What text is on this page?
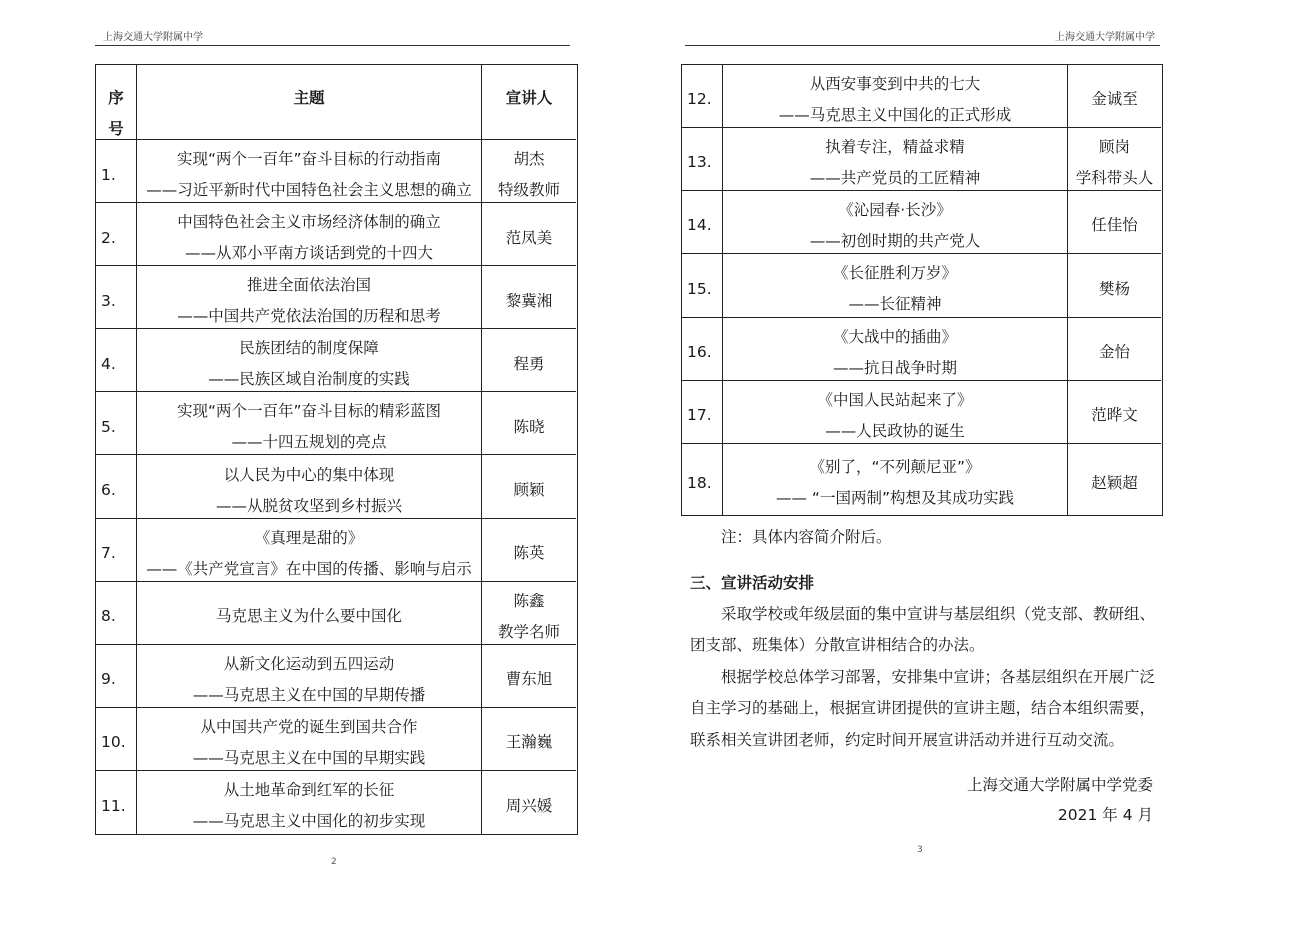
上海交通大学附属中学
序号
主题	宣讲人
1.
实现“两个一百年”奋斗目标的行动指南
——习近平新时代中国特色社会主义思想的确立
胡杰
特级教师
2.
中国特色社会主义市场经济体制的确立
——从邓小平南方谈话到党的十四大
范凤美
3.
推进全面依法治国
——中国共产党依法治国的历程和思考
黎冀湘
4.
民族团结的制度保障
——民族区域自治制度的实践
程勇
5.
实现“两个一百年”奋斗目标的精彩蓝图
——十四五规划的亮点
陈晓
6.
以人民为中心的集中体现
——从脱贫攻坚到乡村振兴
顾颖
7.
《真理是甜的》
——《共产党宣言》在中国的传播、影响与启示
陈英
8.	马克思主义为什么要中国化
陈鑫
教学名师
9.
从新文化运动到五四运动
——马克思主义在中国的早期传播
曹东旭
10.
从中国共产党的诞生到国共合作
——马克思主义在中国的早期实践
王瀚巍
11.
从土地革命到红军的长征
——马克思主义中国化的初步实现
周兴媛
2
上海交通大学附属中学
12.
从西安事变到中共的七大
——马克思主义中国化的正式形成
金诚至
13.
执着专注，精益求精
——共产党员的工匠精神
顾岗
学科带头人
14.
《沁园春·长沙》
——初创时期的共产党人
任佳怡
15.
《长征胜利万岁》
——长征精神
樊杨
16.
《大战中的插曲》
——抗日战争时期
金怡
17.
《中国人民站起来了》
——人民政协的诞生
范晔文
18.
《别了，“不列颠尼亚”》
—— “一国两制”构想及其成功实践
赵颖超
注：具体内容简介附后。
三、宣讲活动安排
采取学校或年级层面的集中宣讲与基层组织（党支部、教研组、
团支部、班集体）分散宣讲相结合的办法。
根据学校总体学习部署，安排集中宣讲；各基层组织在开展广泛
自主学习的基础上，根据宣讲团提供的宣讲主题，结合本组织需要，
联系相关宣讲团老师，约定时间开展宣讲活动并进行互动交流。
上海交通大学附属中学党委
2021 年 4 月
3
